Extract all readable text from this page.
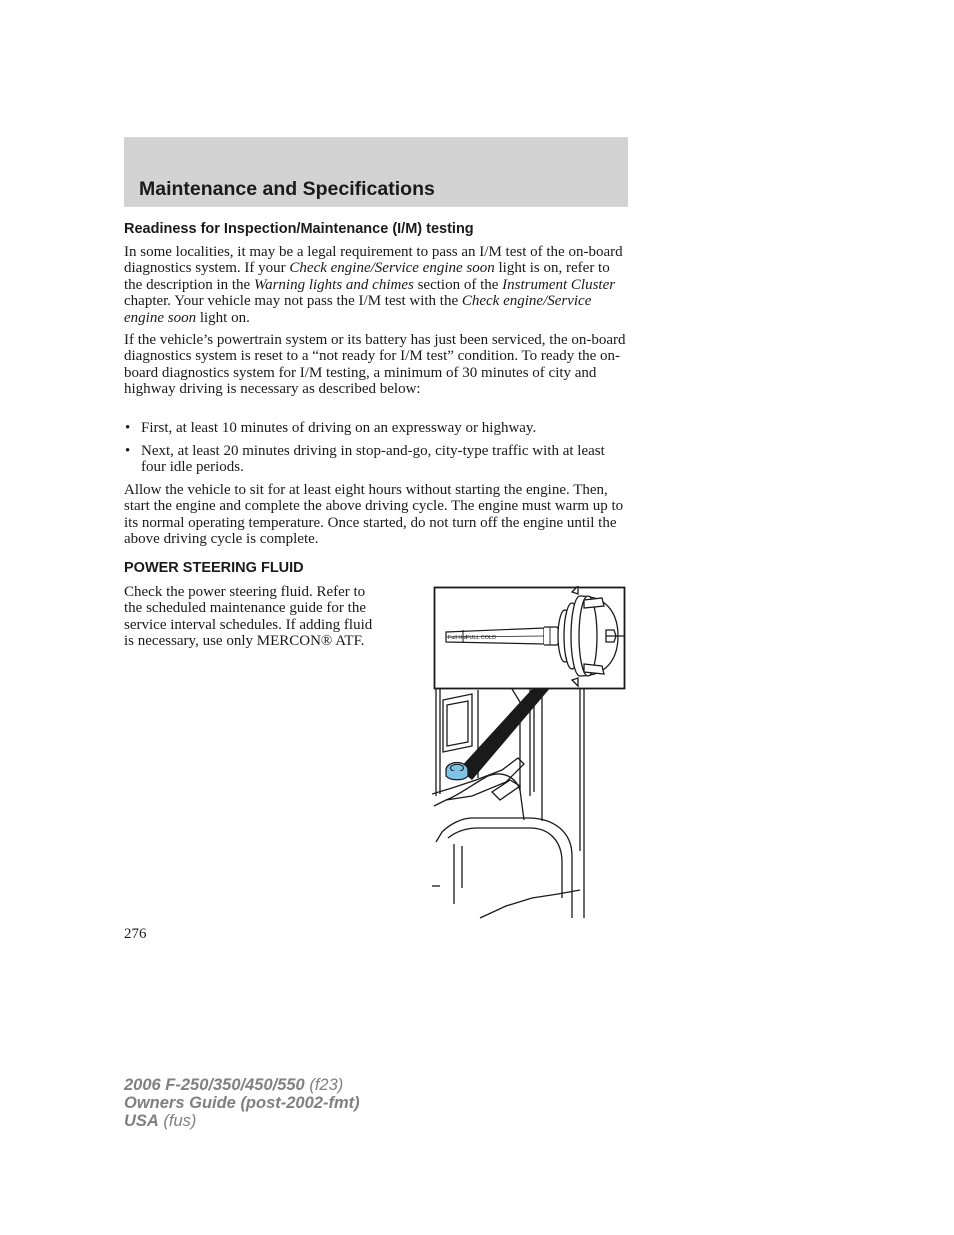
Maintenance and Specifications
Readiness for Inspection/Maintenance (I/M) testing

In some localities, it may be a legal requirement to pass an I/M test of the on-board diagnostics system. If your Check engine/Service engine soon light is on, refer to the description in the Warning lights and chimes section of the Instrument Cluster chapter. Your vehicle may not pass the I/M test with the Check engine/Service engine soon light on.

If the vehicle’s powertrain system or its battery has just been serviced, the on-board diagnostics system is reset to a “not ready for I/M test” condition. To ready the on-board diagnostics system for I/M testing, a minimum of 30 minutes of city and highway driving is necessary as described below:
• First, at least 10 minutes of driving on an expressway or highway.
• Next, at least 20 minutes driving in stop-and-go, city-type traffic with at least four idle periods.
Allow the vehicle to sit for at least eight hours without starting the engine. Then, start the engine and complete the above driving cycle. The engine must warm up to its normal operating temperature. Once started, do not turn off the engine until the above driving cycle is complete.
POWER STEERING FLUID
Check the power steering fluid. Refer to the scheduled maintenance guide for the service interval schedules. If adding fluid is necessary, use only MERCON® ATF.	Full Hot FULL COLD
276
2006 F-250/350/450/550 (f23)
Owners Guide (post-2002-fmt)
USA (fus)
